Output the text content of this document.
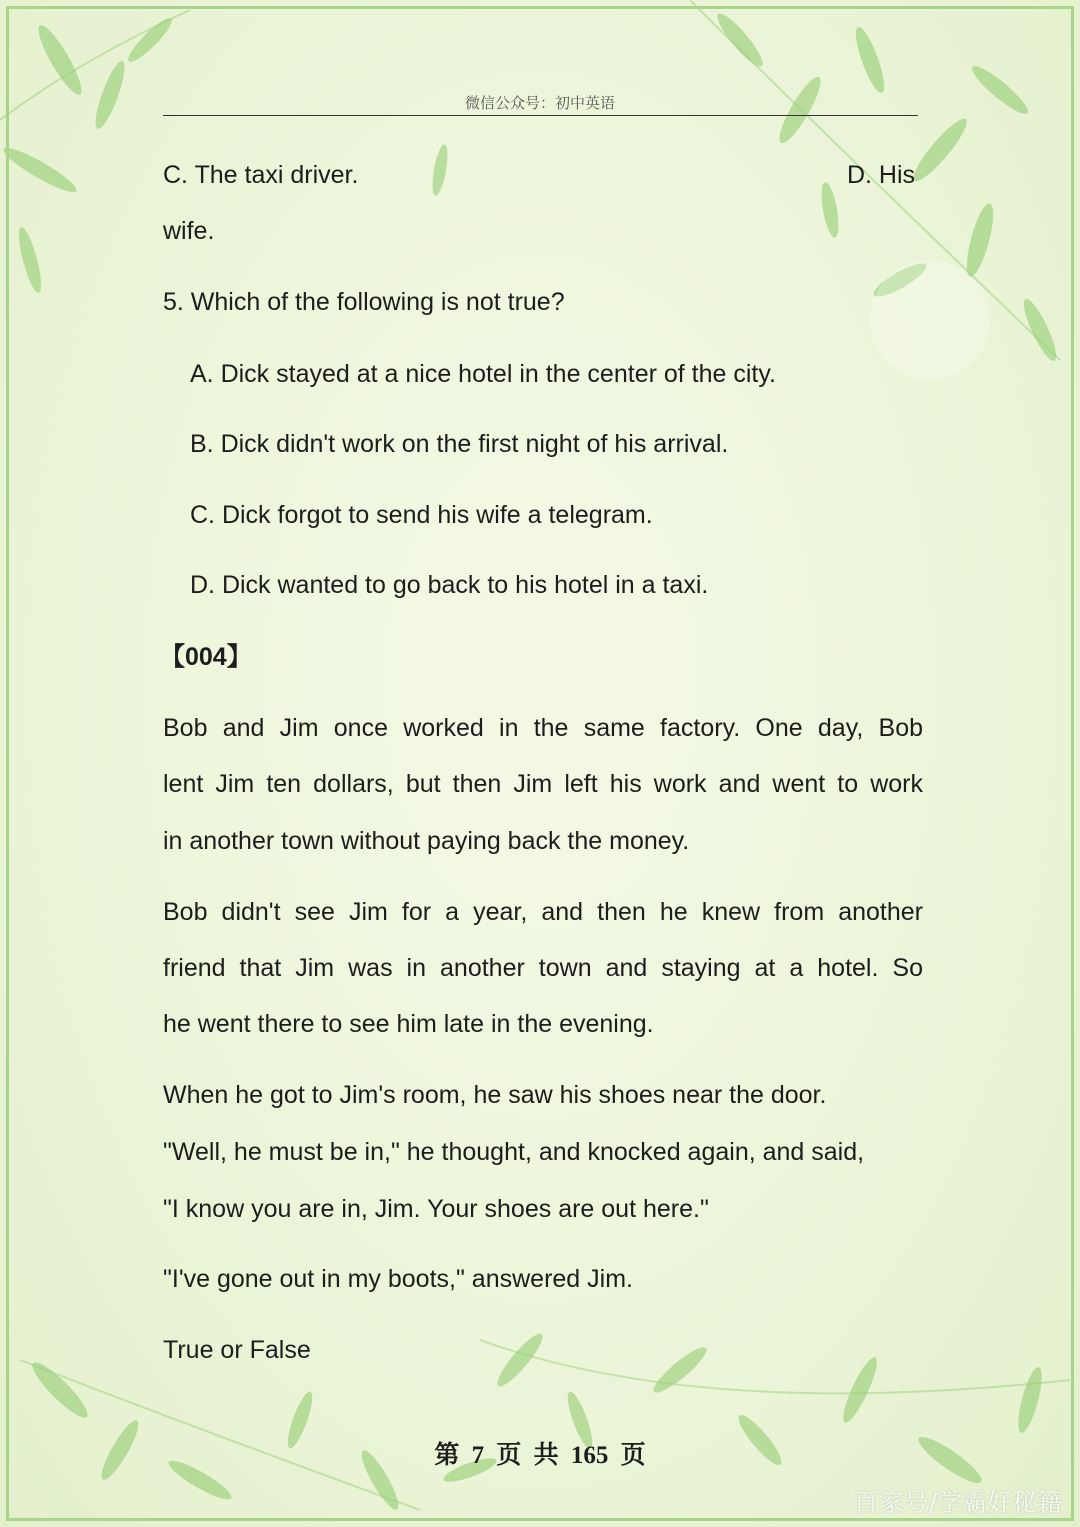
微信公众号：初中英语
C. The taxi driver.	D. His
wife.
5. Which of the following is not true?
A. Dick stayed at a nice hotel in the center of the city.
B. Dick didn't work on the first night of his arrival.
C. Dick forgot to send his wife a telegram.
D. Dick wanted to go back to his hotel in a taxi.
【004】
Bob and Jim once worked in the same factory. One day, Bob
lent Jim ten dollars, but then Jim left his work and went to work
in another town without paying back the money.
Bob didn't see Jim for a year, and then he knew from another
friend that Jim was in another town and staying at a hotel. So
he went there to see him late in the evening.
When he got to Jim's room, he saw his shoes near the door.
"Well, he must be in," he thought, and knocked again, and said,
"I know you are in, Jim. Your shoes are out here."
"I've gone out in my boots," answered Jim.
True or False
第 7 页 共 165 页
百家号/学霸好秘籍
